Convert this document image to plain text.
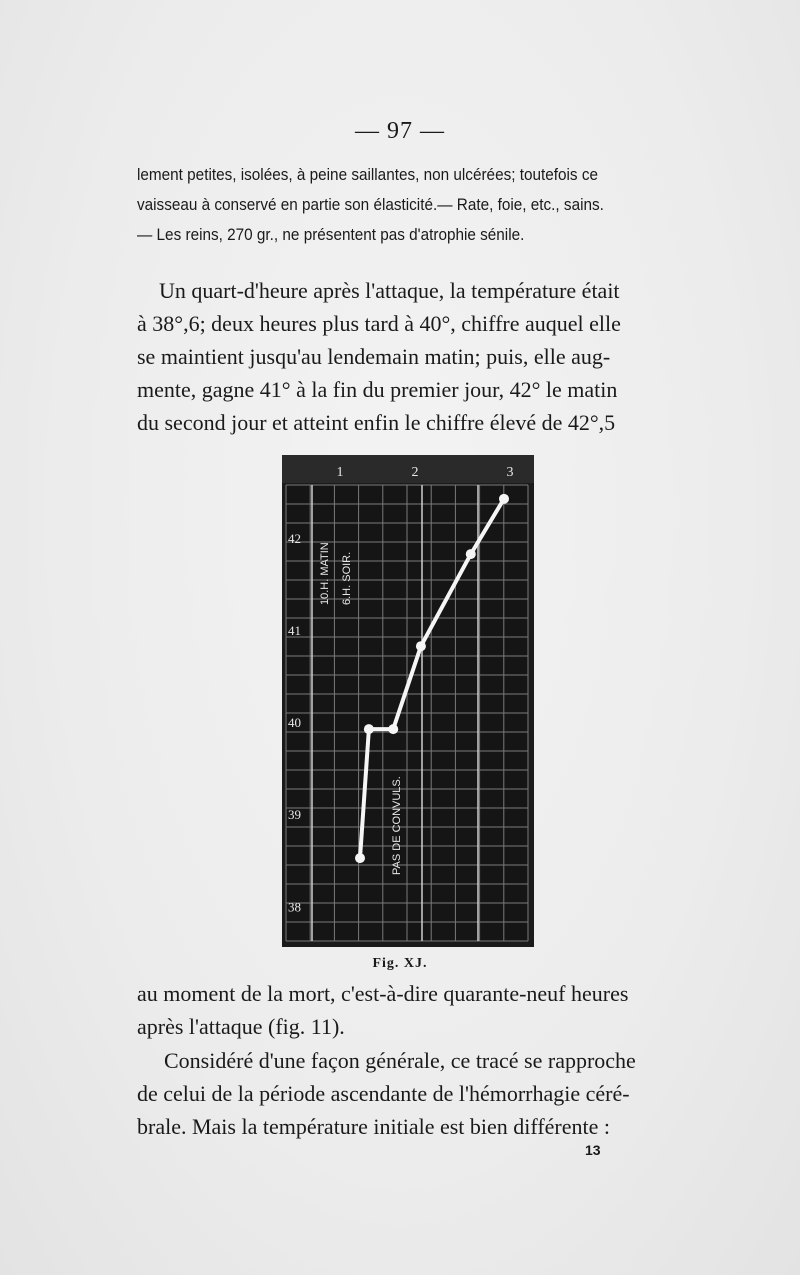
— 97 —
lement petites, isolées, à peine saillantes, non ulcérées; toutefois ce
vaisseau à conservé en partie son élasticité.— Rate, foie, etc., sains.
— Les reins, 270 gr., ne présentent pas d'atrophie sénile.
Un quart-d'heure après l'attaque, la température était
à 38°,6; deux heures plus tard à 40°, chiffre auquel elle
se maintient jusqu'au lendemain matin; puis, elle aug-
mente, gagne 41° à la fin du premier jour, 42° le matin
du second jour et atteint enfin le chiffre élevé de 42°,5
1	2	3
38
39
40
41
42
10.H. MATIN 6.H. SOIR.
PAS DE CONVULS.
Fig. XJ.
au moment de la mort, c'est-à-dire quarante-neuf heures
après l'attaque (fig. 11).
Considéré d'une façon générale, ce tracé se rapproche
de celui de la période ascendante de l'hémorrhagie céré-
brale. Mais la température initiale est bien différente :
13
